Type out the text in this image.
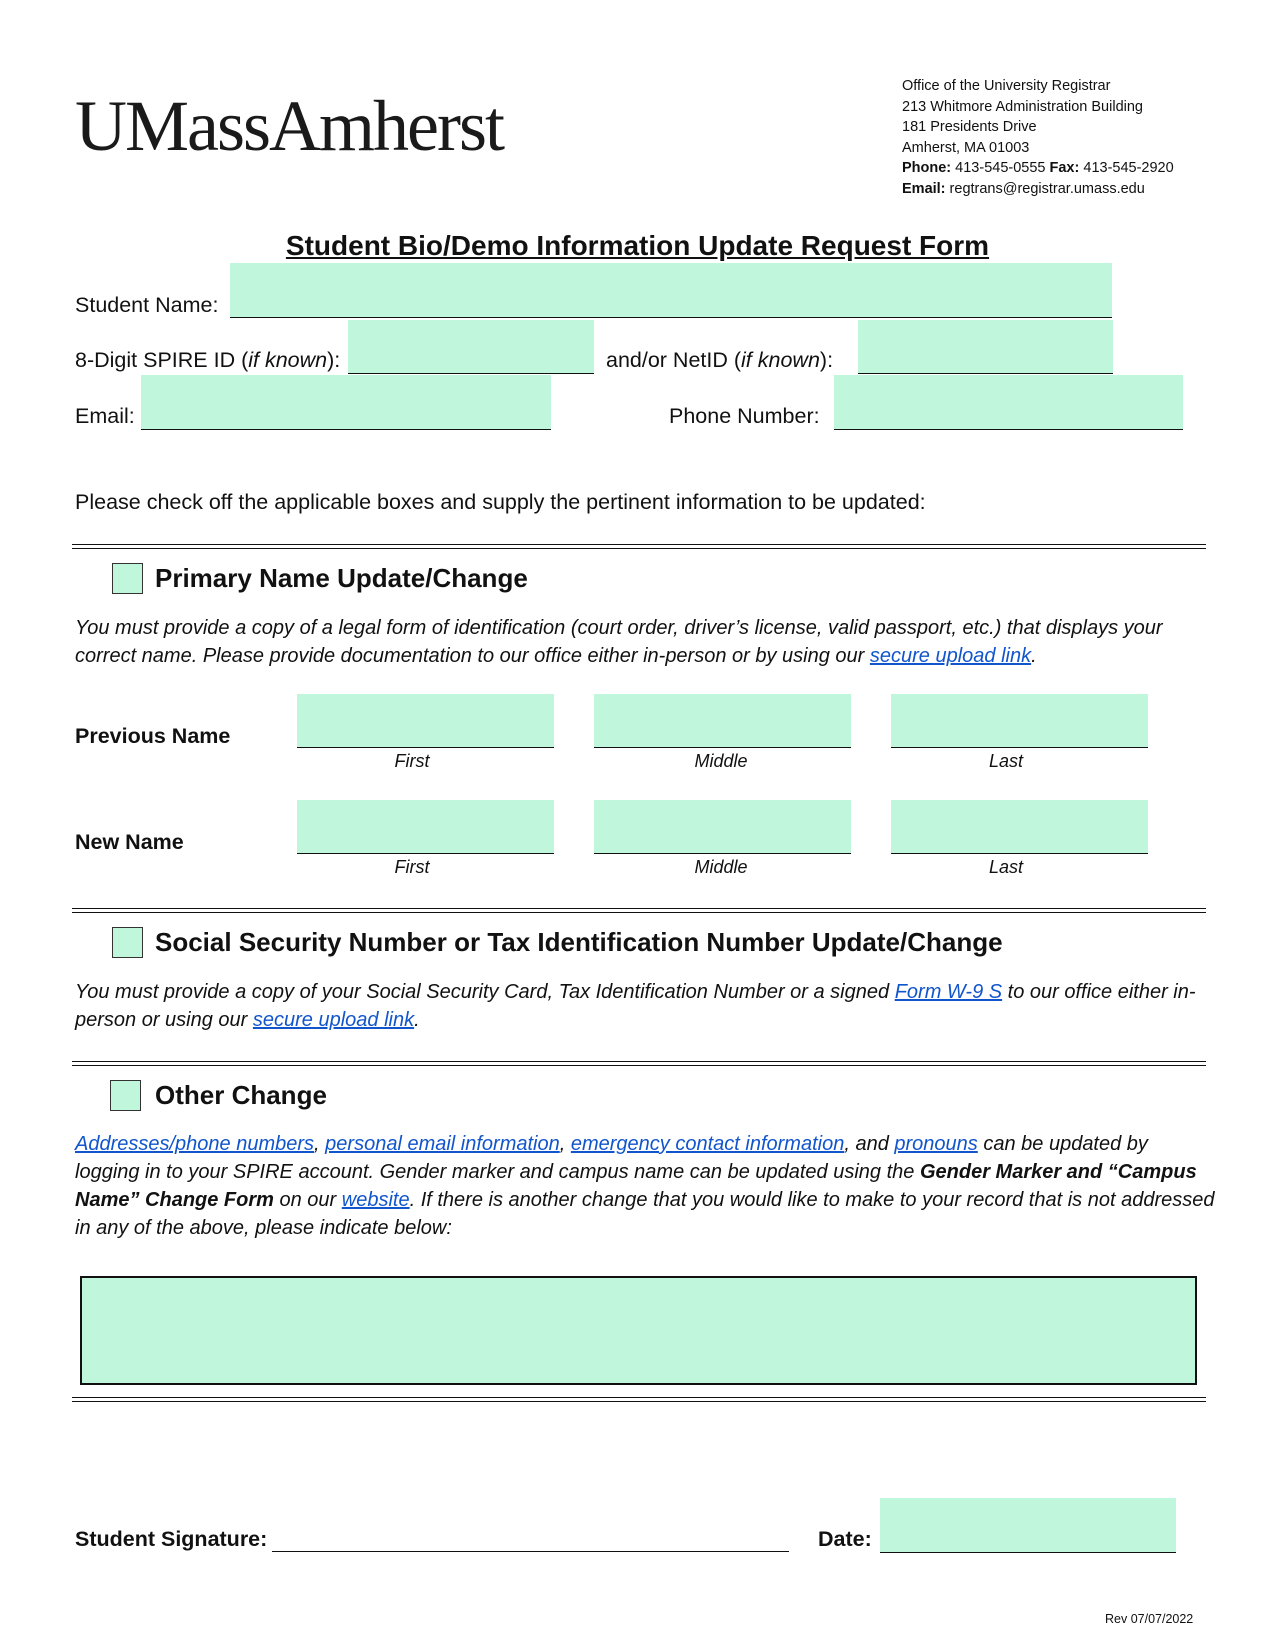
UMassAmherst	Office of the University Registrar
213 Whitmore Administration Building
181 Presidents Drive
Amherst, MA 01003
Phone: 413-545-0555 Fax: 413-545-2920
Email: regtrans@registrar.umass.edu
Student Bio/Demo Information Update Request Form
Student Name:
8-Digit SPIRE ID (if known):	and/or NetID (if known):
Email:	Phone Number:
Please check off the applicable boxes and supply the pertinent information to be updated:
Primary Name Update/Change
You must provide a copy of a legal form of identification (court order, driver’s license, valid passport, etc.) that displays your correct name. Please provide documentation to our office either in-person or by using our secure upload link.
Previous Name
First	Middle	Last
New Name
First	Middle	Last
Social Security Number or Tax Identification Number Update/Change
You must provide a copy of your Social Security Card, Tax Identification Number or a signed Form W-9 S to our office either in-person or using our secure upload link.
Other Change
Addresses/phone numbers, personal email information, emergency contact information, and pronouns can be updated by logging in to your SPIRE account. Gender marker and campus name can be updated using the Gender Marker and “Campus Name” Change Form on our website. If there is another change that you would like to make to your record that is not addressed in any of the above, please indicate below:
Student Signature:	Date:
Rev 07/07/2022
